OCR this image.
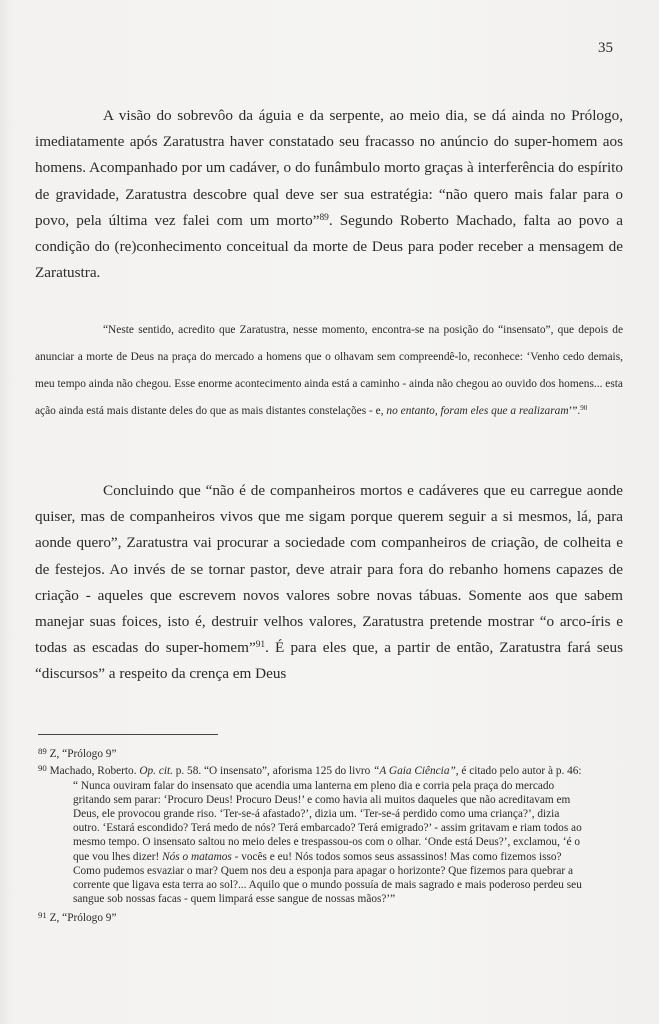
35

A visão do sobrevôo da águia e da serpente, ao meio dia, se dá ainda no Prólogo, imediatamente após Zaratustra haver constatado seu fracasso no anúncio do super-homem aos homens. Acompanhado por um cadáver, o do funâmbulo morto graças à interferência do espírito de gravidade, Zaratustra descobre qual deve ser sua estratégia: “não quero mais falar para o povo, pela última vez falei com um morto”$^{89}$. Segundo Roberto Machado, falta ao povo a condição do (re)conhecimento conceitual da morte de Deus para poder receber a mensagem de Zaratustra.

“Neste sentido, acredito que Zaratustra, nesse momento, encontra-se na posição do “insensato”, que depois de anunciar a morte de Deus na praça do mercado a homens que o olhavam sem compreendê-lo, reconhece: ‘Venho cedo demais, meu tempo ainda não chegou. Esse enorme acontecimento ainda está a caminho - ainda não chegou ao ouvido dos homens... esta ação ainda está mais distante deles do que as mais distantes constelações - e, no entanto, foram eles que a realizaram’”.$^{90}$

Concluindo que “não é de companheiros mortos e cadáveres que eu carregue aonde quiser, mas de companheiros vivos que me sigam porque querem seguir a si mesmos, lá, para aonde quero”, Zaratustra vai procurar a sociedade com companheiros de criação, de colheita e de festejos. Ao invés de se tornar pastor, deve atrair para fora do rebanho homens capazes de criação - aqueles que escrevem novos valores sobre novas tábuas. Somente aos que sabem manejar suas foices, isto é, destruir velhos valores, Zaratustra pretende mostrar “o arco-íris e todas as escadas do super-homem”$^{91}$. É para eles que, a partir de então, Zaratustra fará seus “discursos” a respeito da crença em Deus

$^{89}$ Z, “Prólogo 9”

$^{90}$ Machado, Roberto. Op. cit. p. 58. “O insensato”, aforisma 125 do livro “A Gaia Ciência”, é citado pelo autor à p. 46: “ Nunca ouviram falar do insensato que acendia uma lanterna em pleno dia e corria pela praça do mercado gritando sem parar: ‘Procuro Deus! Procuro Deus!’ e como havia ali muitos daqueles que não acreditavam em Deus, ele provocou grande riso. ‘Ter-se-á afastado?’, dizia um. ‘Ter-se-á perdido como uma criança?’, dizia outro. ‘Estará escondido? Terá medo de nós? Terá embarcado? Terá emigrado?’ - assim gritavam e riam todos ao mesmo tempo. O insensato saltou no meio deles e trespassou-os com o olhar. ‘Onde está Deus?’, exclamou, ‘é o que vou lhes dizer! Nós o matamos - vocês e eu! Nós todos somos seus assassinos! Mas como fizemos isso? Como pudemos esvaziar o mar? Quem nos deu a esponja para apagar o horizonte? Que fizemos para quebrar a corrente que ligava esta terra ao sol?... Aquilo que o mundo possuía de mais sagrado e mais poderoso perdeu seu sangue sob nossas facas - quem limpará esse sangue de nossas mãos?’”

$^{91}$ Z, “Prólogo 9”
